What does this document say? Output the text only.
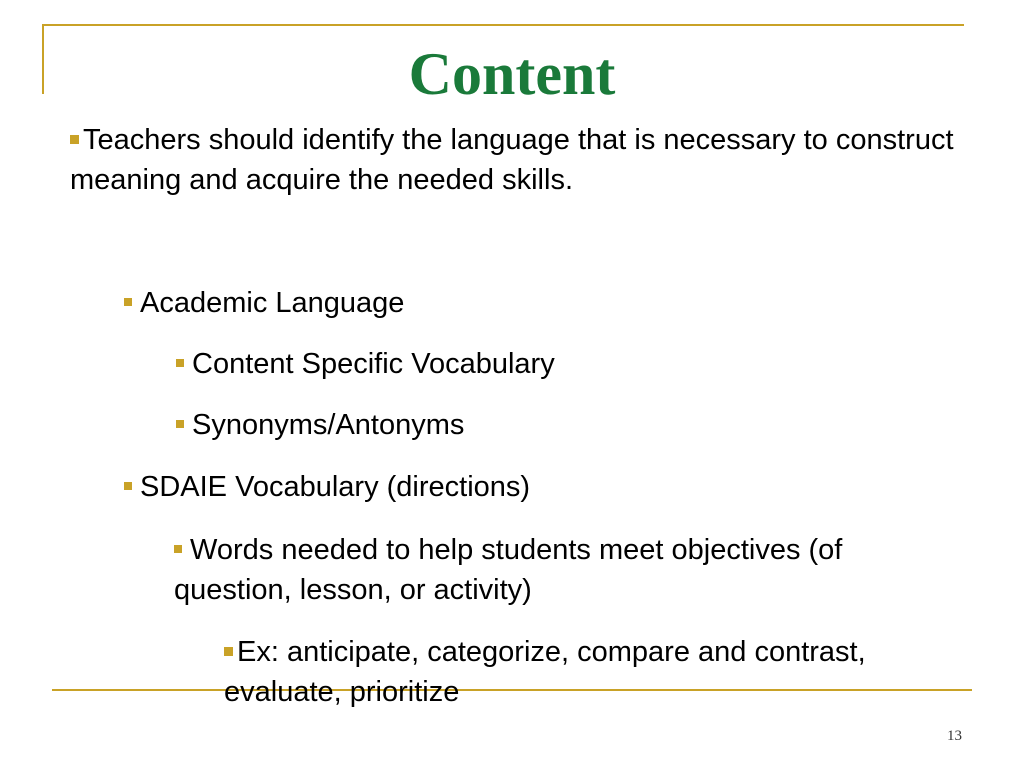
Content

Teachers should identify the language that is necessary to construct meaning and acquire the needed skills.

Academic Language

Content Specific Vocabulary

Synonyms/Antonyms

SDAIE Vocabulary (directions)

Words needed to help students meet objectives (of question, lesson, or activity)

Ex: anticipate, categorize, compare and contrast, evaluate, prioritize

13
